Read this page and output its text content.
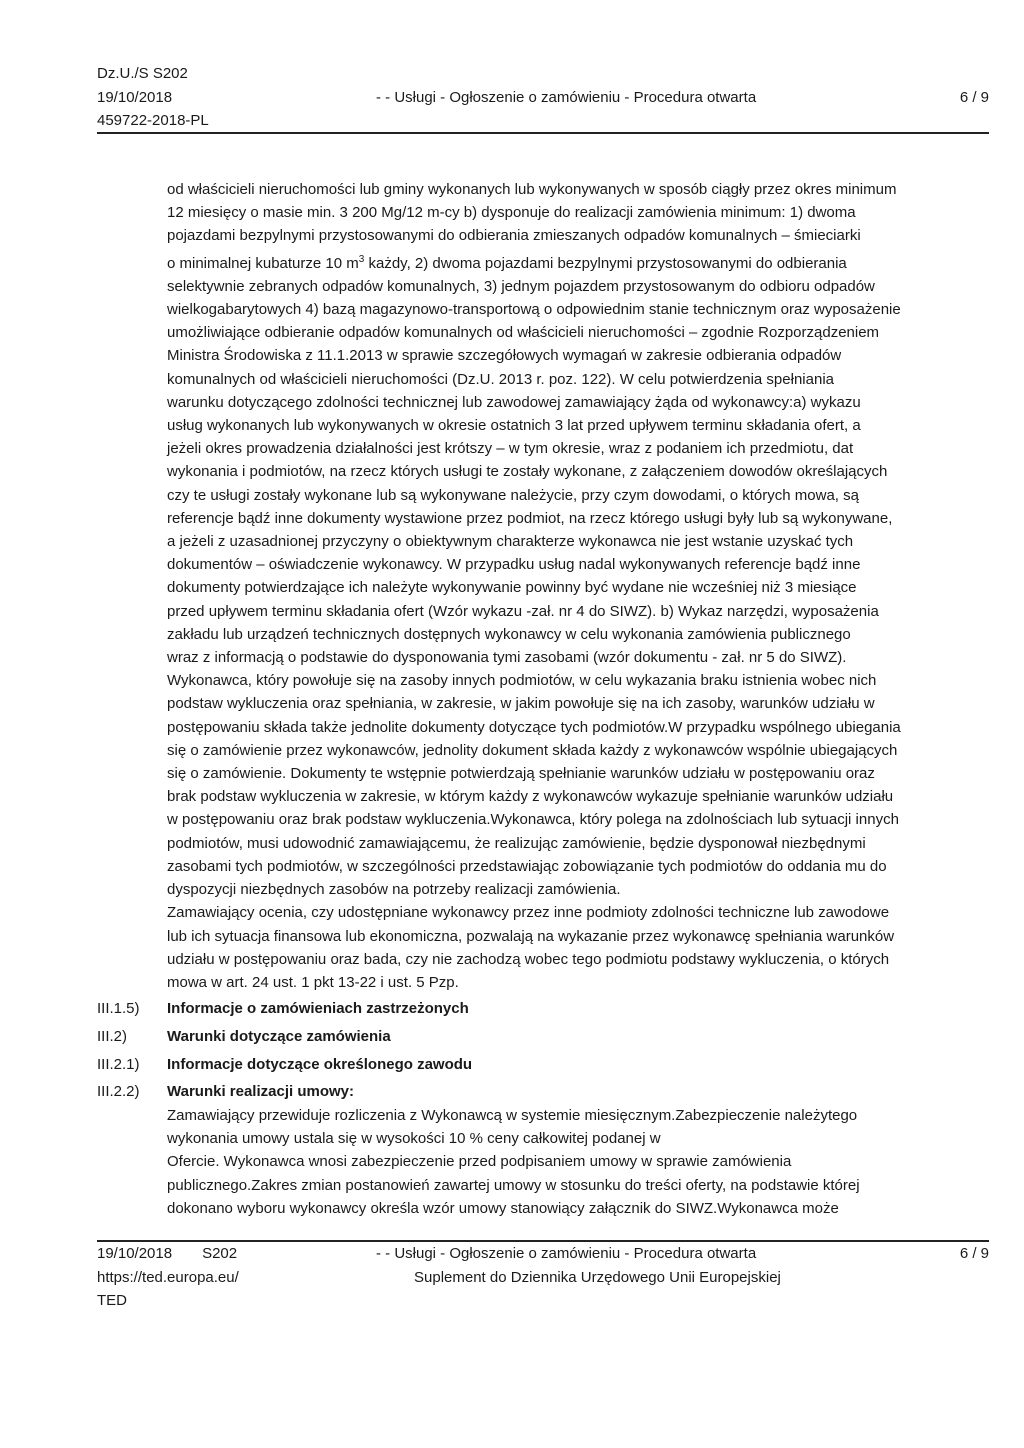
Dz.U./S S202
19/10/2018
459722-2018-PL
- - Usługi - Ogłoszenie o zamówieniu - Procedura otwarta	6 / 9

od właścicieli nieruchomości lub gminy wykonanych lub wykonywanych w sposób ciągły przez okres minimum

12 miesięcy o masie min. 3 200 Mg/12 m-cy b) dysponuje do realizacji zamówienia minimum: 1) dwoma

pojazdami bezpylnymi przystosowanymi do odbierania zmieszanych odpadów komunalnych – śmieciarki

o minimalnej kubaturze 10 $m^3$ każdy, 2) dwoma pojazdami bezpylnymi przystosowanymi do odbierania

selektywnie zebranych odpadów komunalnych, 3) jednym pojazdem przystosowanym do odbioru odpadów

wielkogabarytowych 4) bazą magazynowo-transportową o odpowiednim stanie technicznym oraz wyposażenie

umożliwiające odbieranie odpadów komunalnych od właścicieli nieruchomości – zgodnie Rozporządzeniem

Ministra Środowiska z 11.1.2013 w sprawie szczegółowych wymagań w zakresie odbierania odpadów

komunalnych od właścicieli nieruchomości (Dz.U. 2013 r. poz. 122). W celu potwierdzenia spełniania

warunku dotyczącego zdolności technicznej lub zawodowej zamawiający żąda od wykonawcy:a) wykazu

usług wykonanych lub wykonywanych w okresie ostatnich 3 lat przed upływem terminu składania ofert, a

jeżeli okres prowadzenia działalności jest krótszy – w tym okresie, wraz z podaniem ich przedmiotu, dat

wykonania i podmiotów, na rzecz których usługi te zostały wykonane, z załączeniem dowodów określających

czy te usługi zostały wykonane lub są wykonywane należycie, przy czym dowodami, o których mowa, są

referencje bądź inne dokumenty wystawione przez podmiot, na rzecz którego usługi były lub są wykonywane,

a jeżeli z uzasadnionej przyczyny o obiektywnym charakterze wykonawca nie jest wstanie uzyskać tych

dokumentów – oświadczenie wykonawcy. W przypadku usług nadal wykonywanych referencje bądź inne

dokumenty potwierdzające ich należyte wykonywanie powinny być wydane nie wcześniej niż 3 miesiące

przed upływem terminu składania ofert (Wzór wykazu -zał. nr 4 do SIWZ). b) Wykaz narzędzi, wyposażenia

zakładu lub urządzeń technicznych dostępnych wykonawcy w celu wykonania zamówienia publicznego

wraz z informacją o podstawie do dysponowania tymi zasobami (wzór dokumentu - zał. nr 5 do SIWZ).

Wykonawca, który powołuje się na zasoby innych podmiotów, w celu wykazania braku istnienia wobec nich

podstaw wykluczenia oraz spełniania, w zakresie, w jakim powołuje się na ich zasoby, warunków udziału w

postępowaniu składa także jednolite dokumenty dotyczące tych podmiotów.W przypadku wspólnego ubiegania

się o zamówienie przez wykonawców, jednolity dokument składa każdy z wykonawców wspólnie ubiegających

się o zamówienie. Dokumenty te wstępnie potwierdzają spełnianie warunków udziału w postępowaniu oraz

brak podstaw wykluczenia w zakresie, w którym każdy z wykonawców wykazuje spełnianie warunków udziału

w postępowaniu oraz brak podstaw wykluczenia.Wykonawca, który polega na zdolnościach lub sytuacji innych

podmiotów, musi udowodnić zamawiającemu, że realizując zamówienie, będzie dysponował niezbędnymi

zasobami tych podmiotów, w szczególności przedstawiając zobowiązanie tych podmiotów do oddania mu do

dyspozycji niezbędnych zasobów na potrzeby realizacji zamówienia.

Zamawiający ocenia, czy udostępniane wykonawcy przez inne podmioty zdolności techniczne lub zawodowe

lub ich sytuacja finansowa lub ekonomiczna, pozwalają na wykazanie przez wykonawcę spełniania warunków

udziału w postępowaniu oraz bada, czy nie zachodzą wobec tego podmiotu podstawy wykluczenia, o których

mowa w art. 24 ust. 1 pkt 13-22 i ust. 5 Pzp.

III.1.5) Informacje o zamówieniach zastrzeżonych
III.2)	Warunki dotyczące zamówienia
III.2.1) Informacje dotyczące określonego zawodu
III.2.2) Warunki realizacji umowy:

Zamawiający przewiduje rozliczenia z Wykonawcą w systemie miesięcznym.Zabezpieczenie należytego

wykonania umowy ustala się w wysokości 10 % ceny całkowitej podanej w

Ofercie. Wykonawca wnosi zabezpieczenie przed podpisaniem umowy w sprawie zamówienia

publicznego.Zakres zmian postanowień zawartej umowy w stosunku do treści oferty, na podstawie której

dokonano wyboru wykonawcy określa wzór umowy stanowiący załącznik do SIWZ.Wykonawca może

19/10/2018 S202
https://ted.europa.eu/
TED
- - Usługi - Ogłoszenie o zamówieniu - Procedura otwarta
Suplement do Dziennika Urzędowego Unii Europejskiej
6 / 9
